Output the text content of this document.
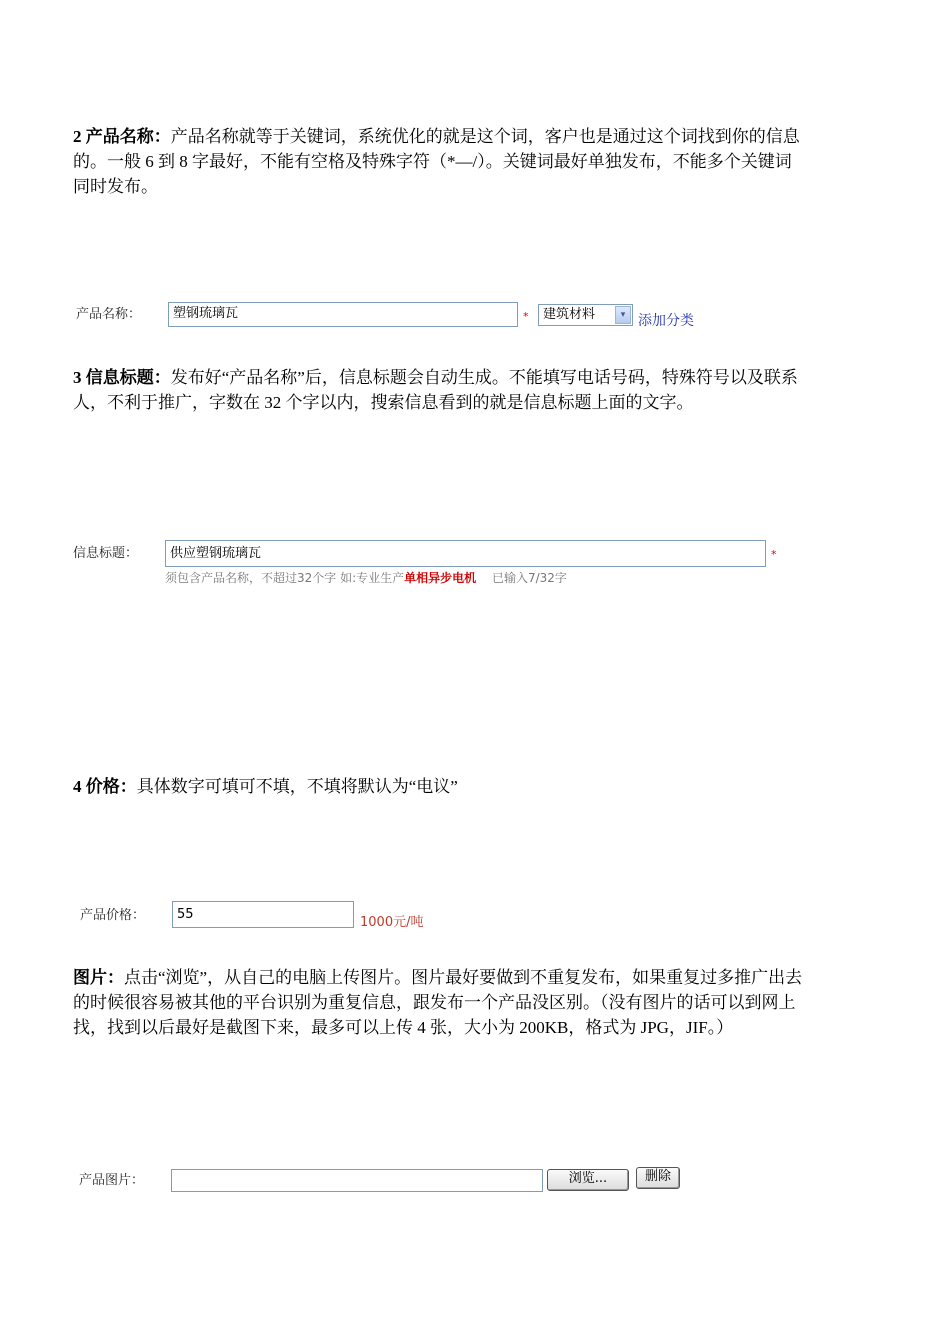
2 产品名称：产品名称就等于关键词，系统优化的就是这个词，客户也是通过这个词找到你的信息的。一般 6 到 8 字最好，不能有空格及特殊字符（*—/）。关键词最好单独发布，不能多个关键词同时发布。

产品名称：	塑钢琉璃瓦	*	建筑材料	▾ 添加分类

3 信息标题：发布好“产品名称”后，信息标题会自动生成。不能填写电话号码，特殊符号以及联系人，不利于推广，字数在 32 个字以内，搜索信息看到的就是信息标题上面的文字。

信息标题：	供应塑钢琉璃瓦	*
须包含产品名称，不超过32个字 如:专业生产单相异步电机 已输入7/32字

4 价格：具体数字可填可不填，不填将默认为“电议”

产品价格：	55
1000元/吨

图片：点击“浏览”，从自己的电脑上传图片。图片最好要做到不重复发布，如果重复过多推广出去的时候很容易被其他的平台识别为重复信息，跟发布一个产品没区别。（没有图片的话可以到网上找，找到以后最好是截图下来，最多可以上传 4 张，大小为 200KB，格式为 JPG，JIF。）

产品图片：	浏览...	删除
